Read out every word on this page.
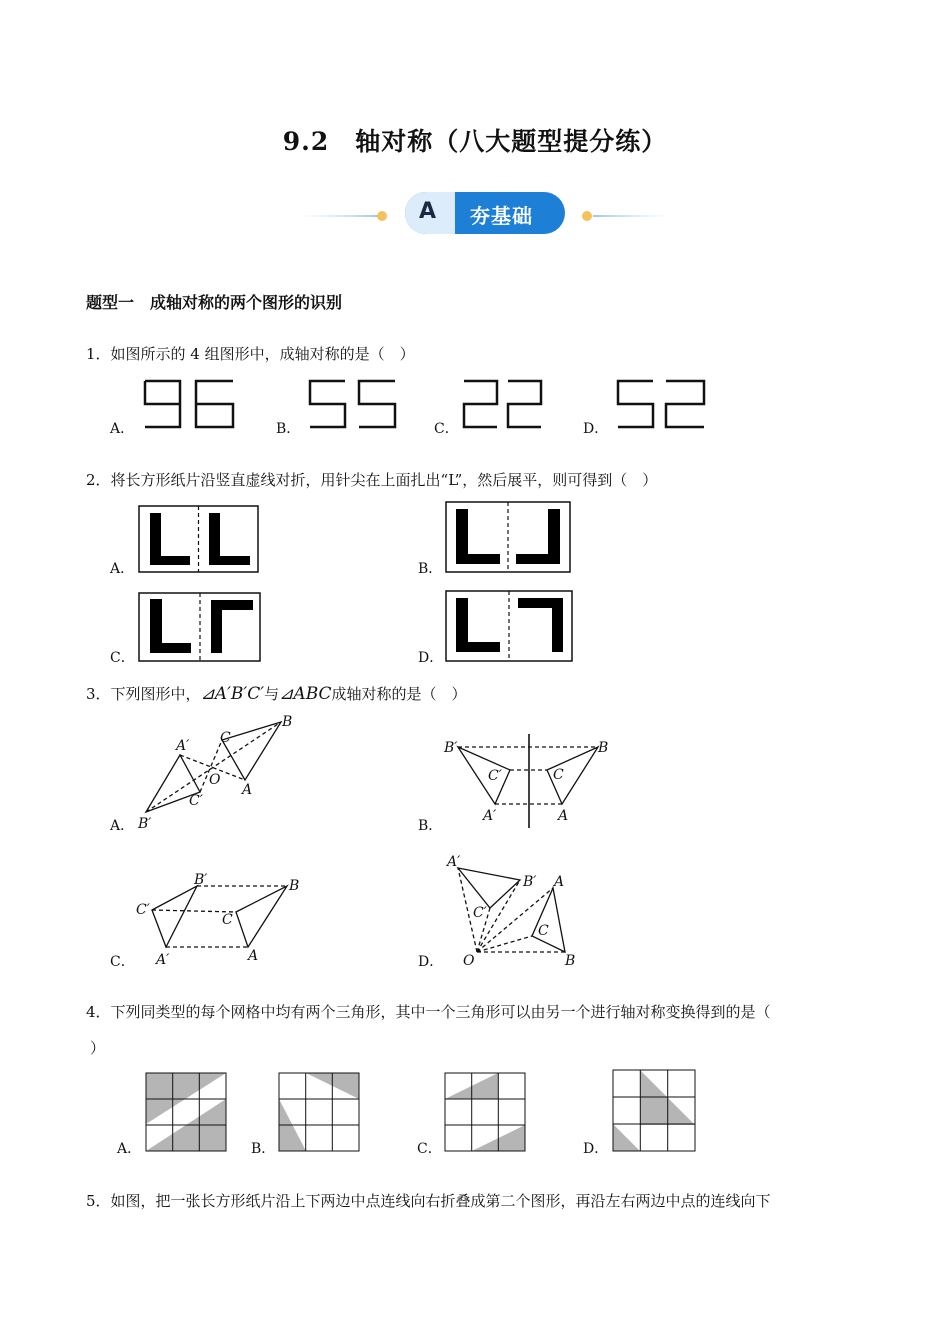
9.2　轴对称（八大题型提分练）
A 夯基础
题型一　成轴对称的两个图形的识别
1．如图所示的 4 组图形中，成轴对称的是（　）
A．	B．	C．	D．
2．将长方形纸片沿竖直虚线对折，用针尖在上面扎出“L”，然后展平，则可得到（　）
A．	B．
C．	D．
3．下列图形中，⊿A′B′C′与⊿ABC成轴对称的是（　）
A．	B．
C．	D．
A′
B′
C′
O
A
B
C
B′
C′
A′
B
C
A
B′
C′
A′
B
C
A
A′
B′
C′
A
C
B
O
4．下列同类型的每个网格中均有两个三角形，其中一个三角形可以由另一个进行轴对称变换得到的是（
）
A．	B．	C．	D．
5．如图，把一张长方形纸片沿上下两边中点连线向右折叠成第二个图形，再沿左右两边中点的连线向下
